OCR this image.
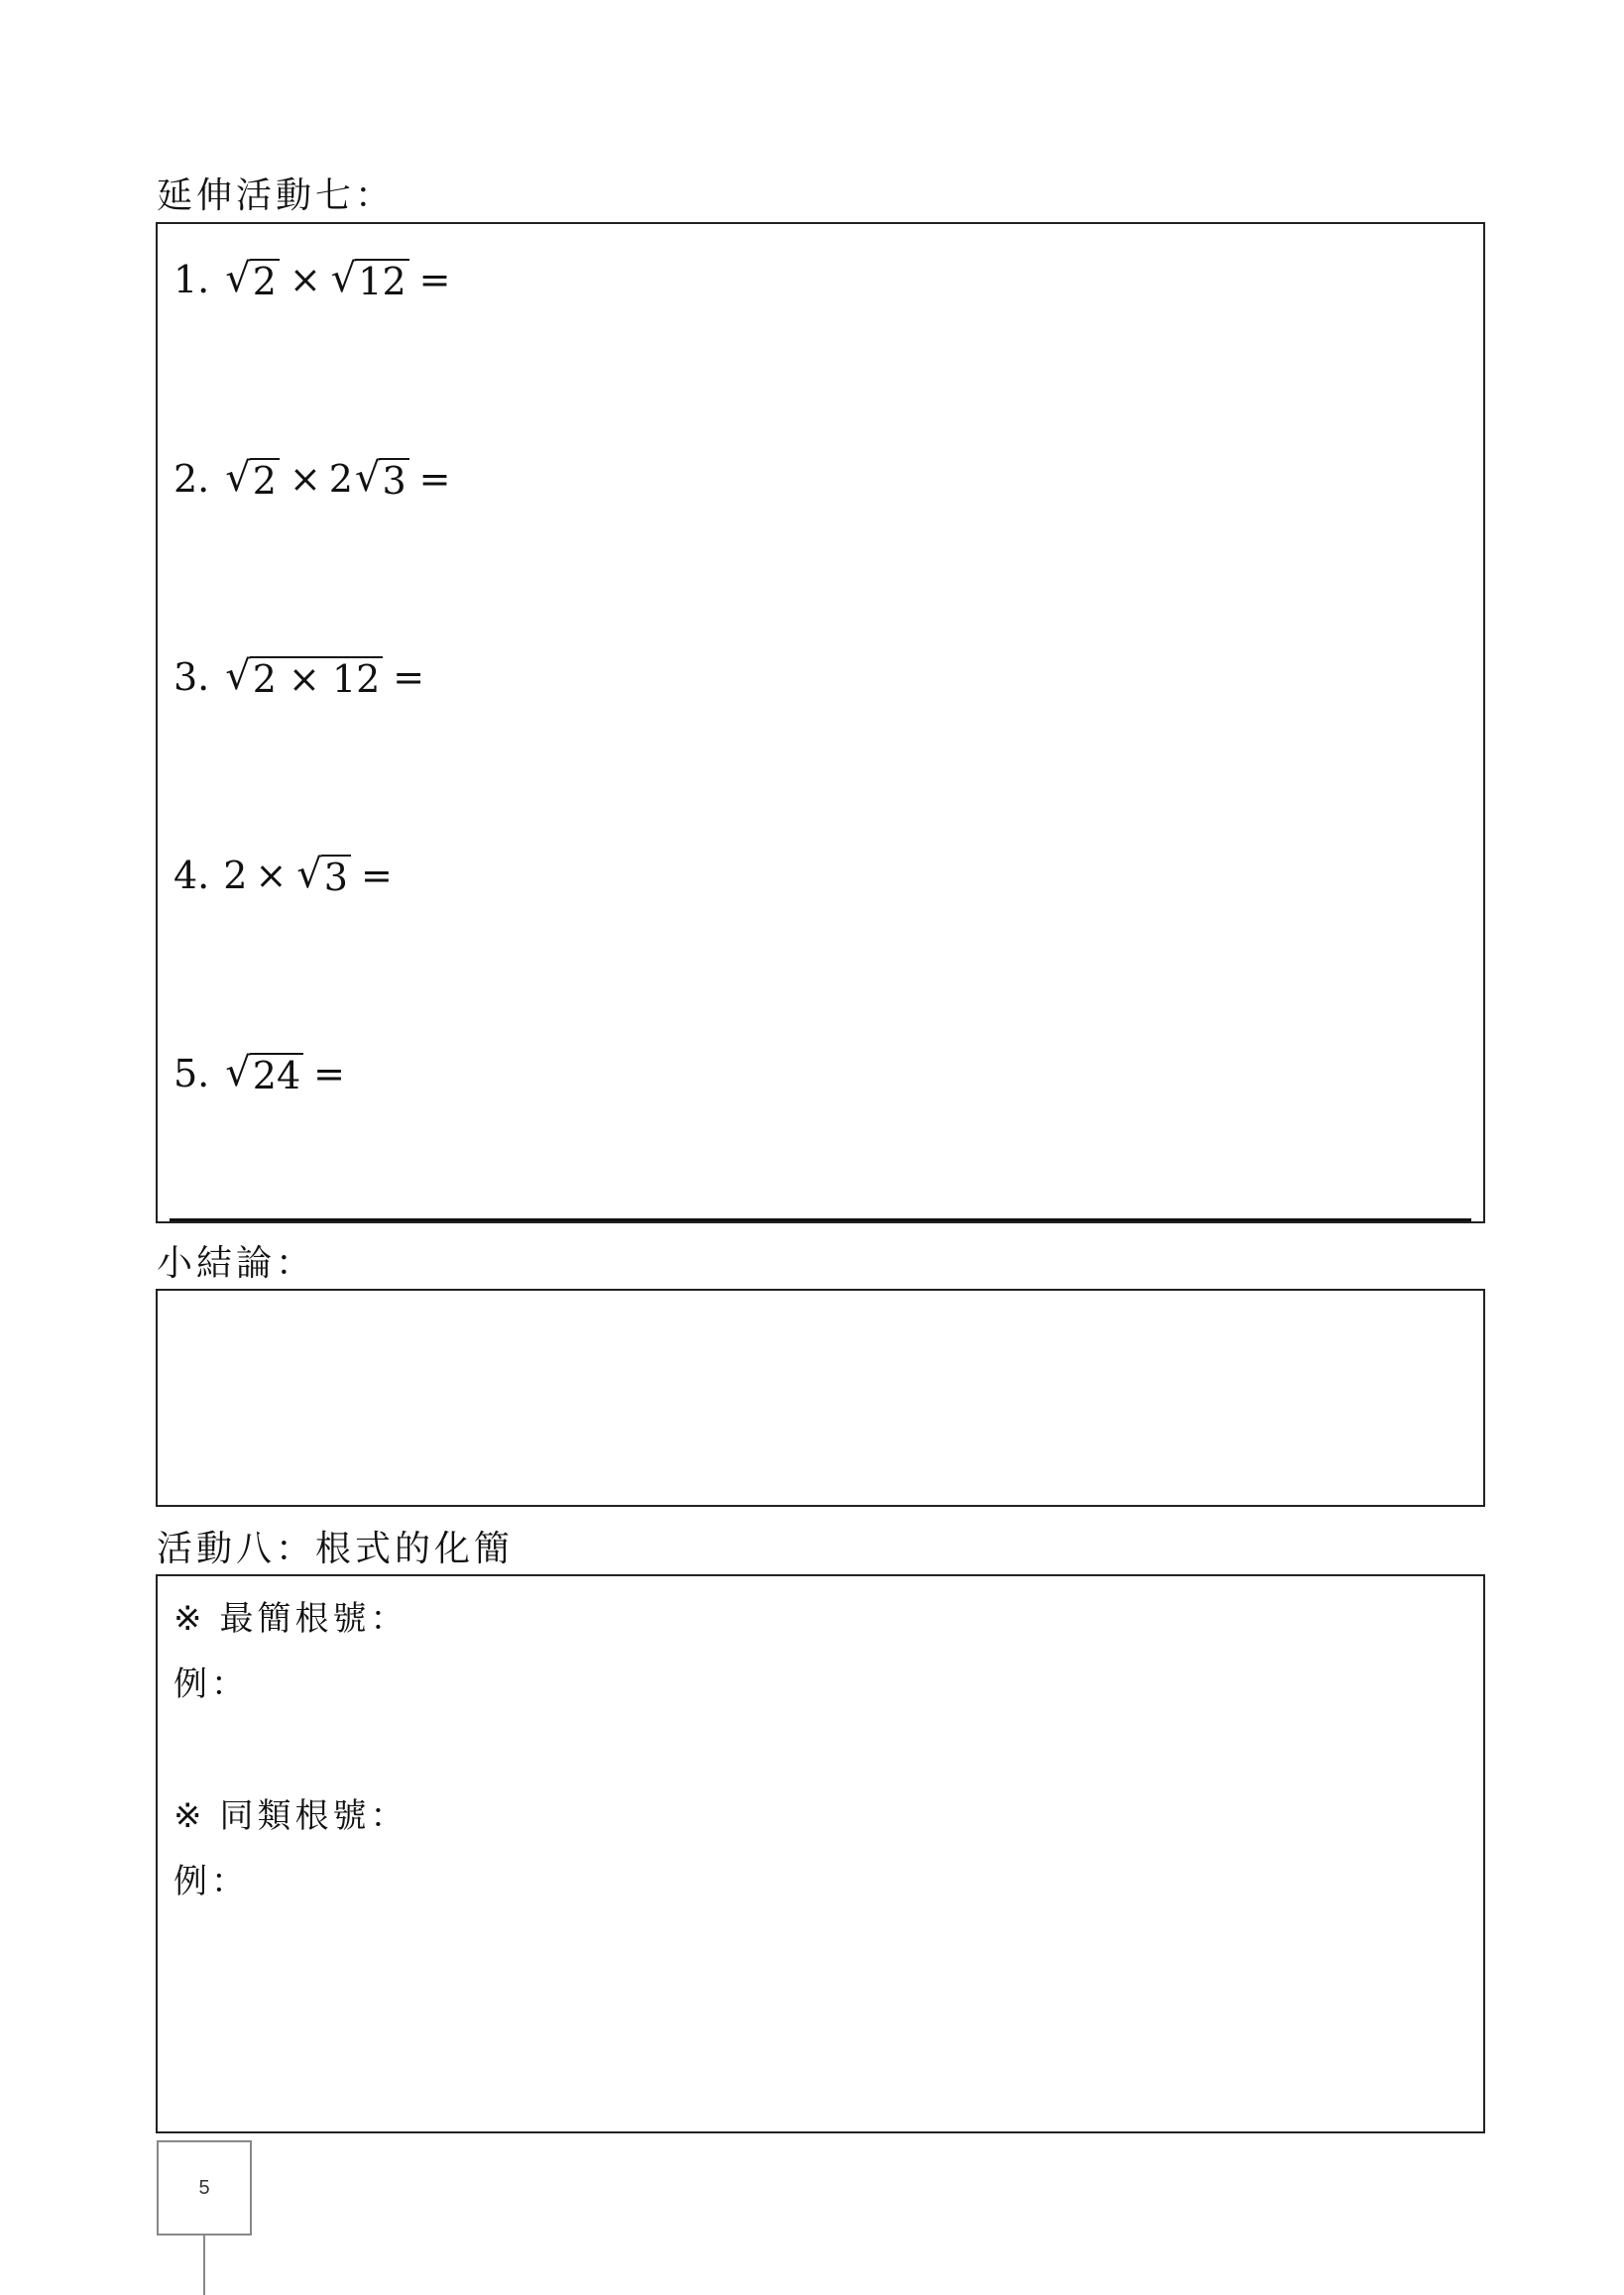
延伸活動七：
1. √ 2 × √ 12 =
2. √ 2 × 2 √ 3 =
3. √ 2 × 12 =
4. 2 × √ 3 =
5. √ 24 =
小結論：
活動八：根式的化簡
※ 最簡根號：
例：
※ 同類根號：
例：
5
